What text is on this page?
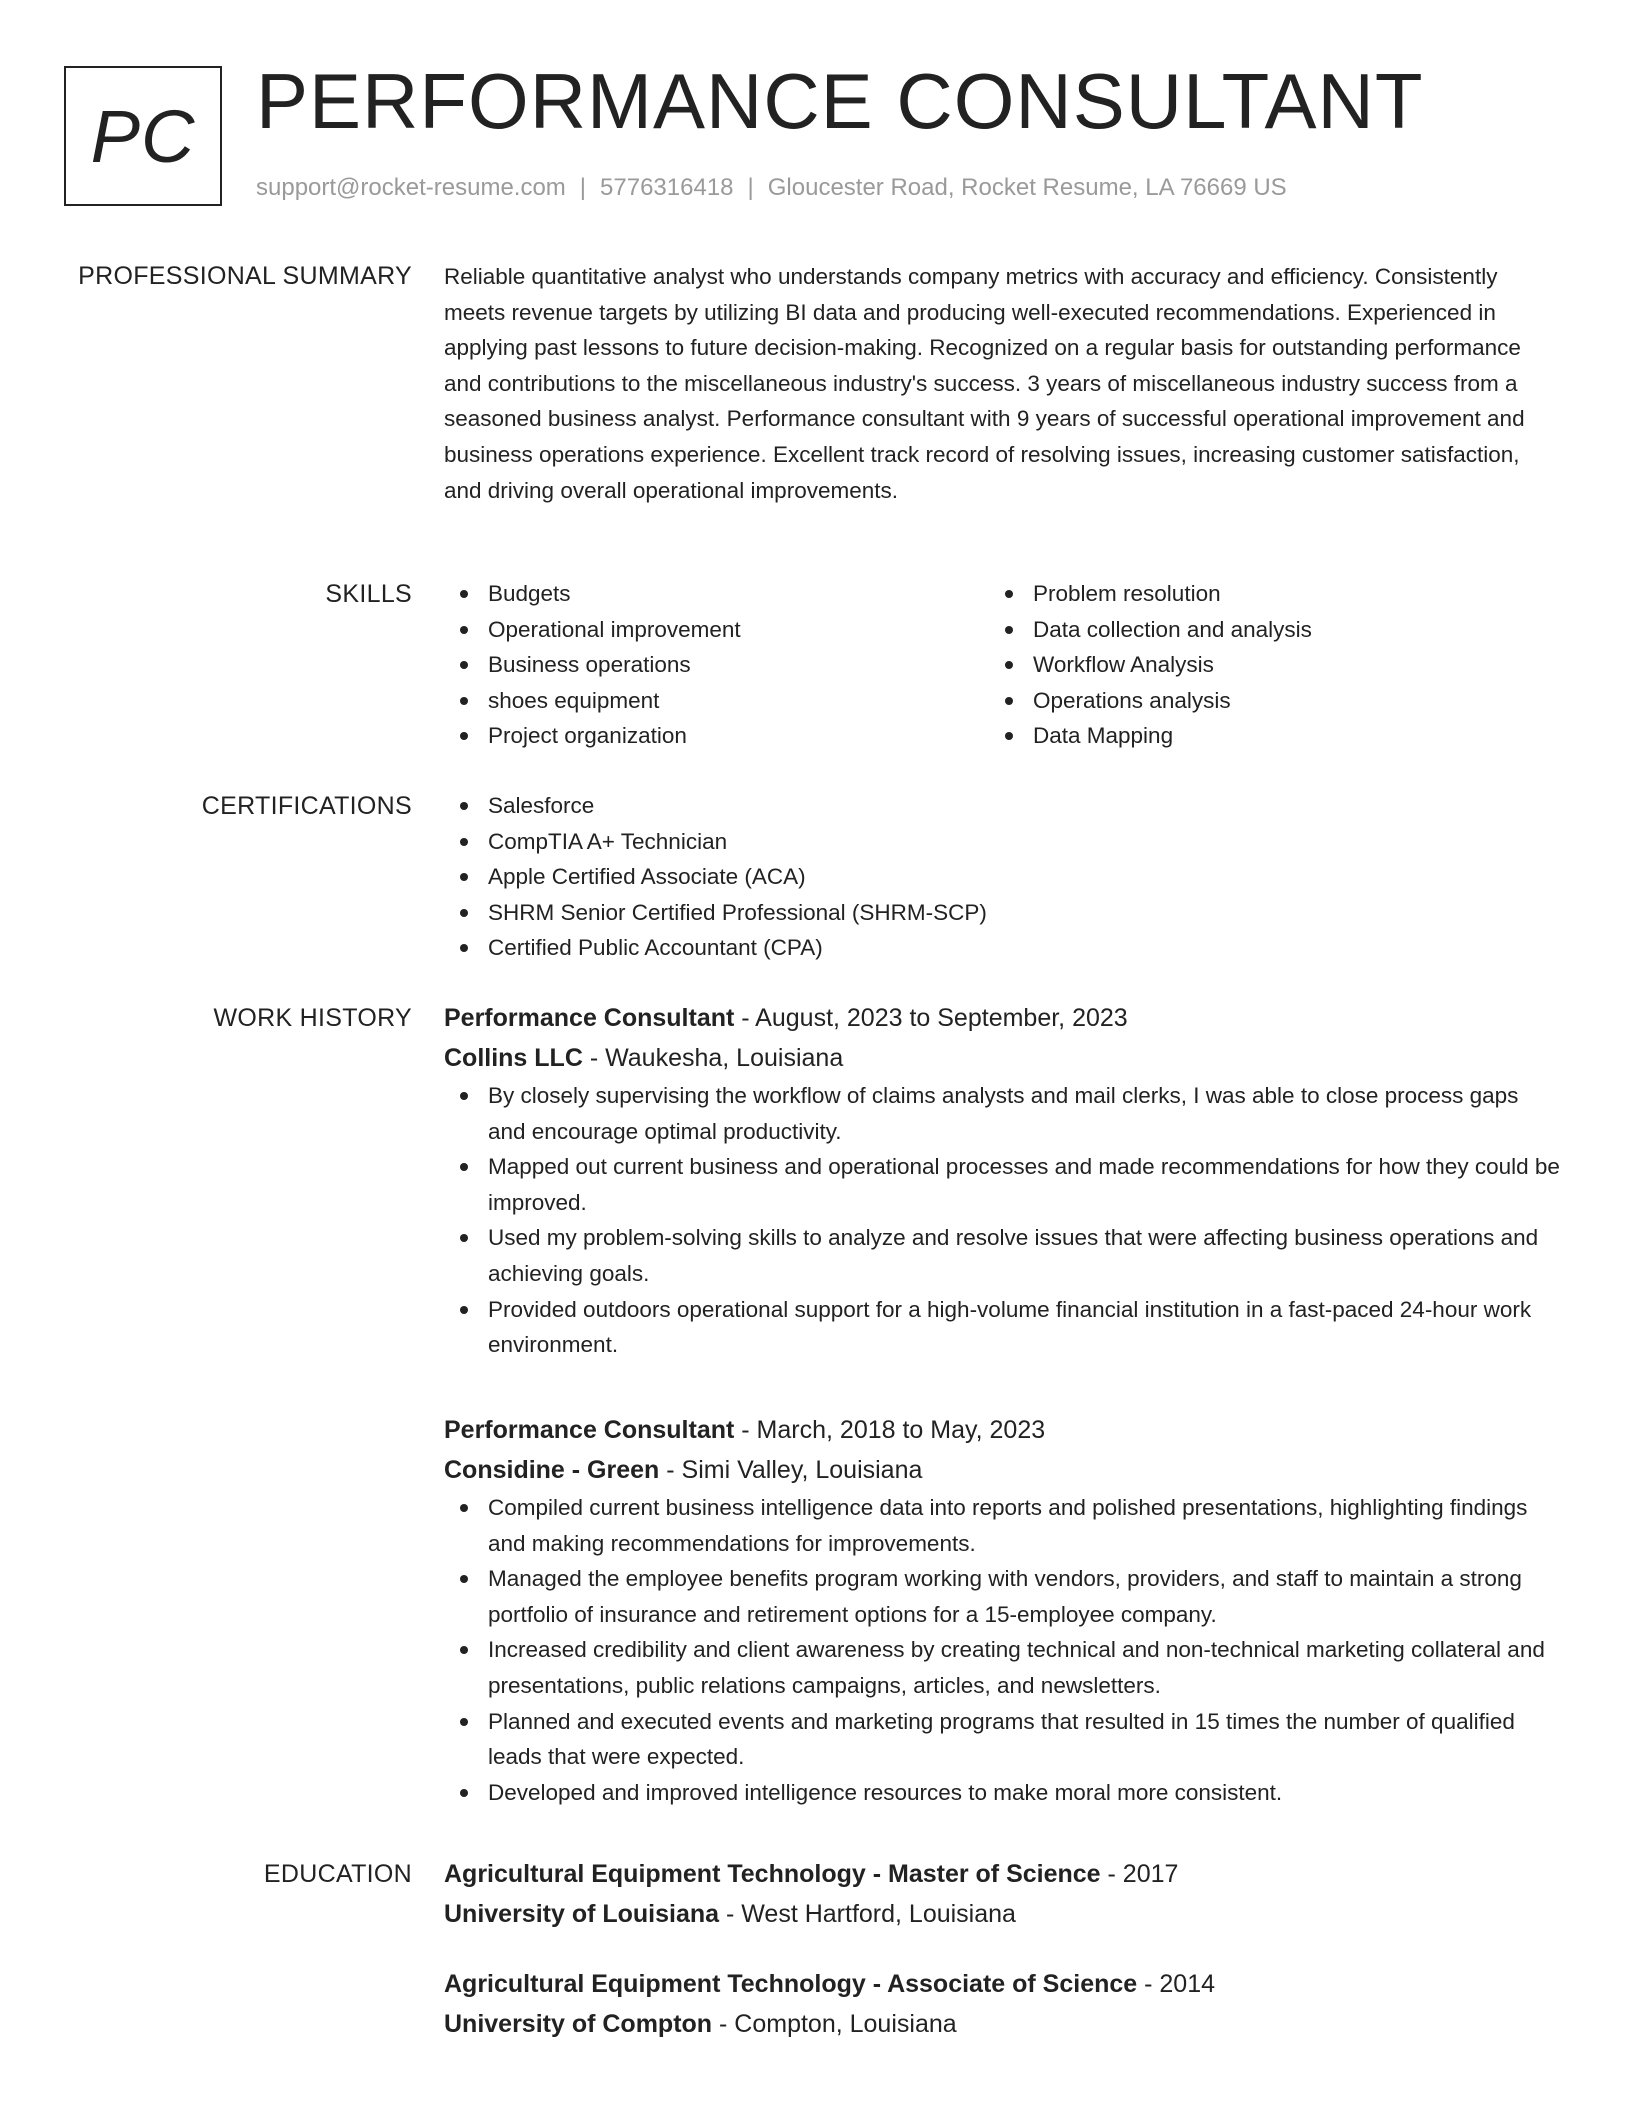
PC PERFORMANCE CONSULTANT
support@rocket-resume.com | 5776316418 | Gloucester Road, Rocket Resume, LA 76669 US
PROFESSIONAL SUMMARY Reliable quantitative analyst who understands company metrics with accuracy and efficiency. Consistently meets revenue targets by utilizing BI data and producing well-executed recommendations. Experienced in applying past lessons to future decision-making. Recognized on a regular basis for outstanding performance and contributions to the miscellaneous industry's success. 3 years of miscellaneous industry success from a seasoned business analyst. Performance consultant with 9 years of successful operational improvement and business operations experience. Excellent track record of resolving issues, increasing customer satisfaction, and driving overall operational improvements.
SKILLS	Budgets
Operational improvement
Business operations
shoes equipment
Project organization
Problem resolution
Data collection and analysis
Workflow Analysis
Operations analysis
Data Mapping
CERTIFICATIONS	Salesforce
CompTIA A+ Technician
Apple Certified Associate (ACA)
SHRM Senior Certified Professional (SHRM-SCP)
Certified Public Accountant (CPA)
WORK HISTORY Performance Consultant - August, 2023 to September, 2023
Collins LLC - Waukesha, Louisiana
By closely supervising the workflow of claims analysts and mail clerks, I was able to close process gaps and encourage optimal productivity.
Mapped out current business and operational processes and made recommendations for how they could be improved.
Used my problem-solving skills to analyze and resolve issues that were affecting business operations and achieving goals.
Provided outdoors operational support for a high-volume financial institution in a fast-paced 24-hour work environment.
Performance Consultant - March, 2018 to May, 2023
Considine - Green - Simi Valley, Louisiana
Compiled current business intelligence data into reports and polished presentations, highlighting findings and making recommendations for improvements.
Managed the employee benefits program working with vendors, providers, and staff to maintain a strong portfolio of insurance and retirement options for a 15-employee company.
Increased credibility and client awareness by creating technical and non-technical marketing collateral and presentations, public relations campaigns, articles, and newsletters.
Planned and executed events and marketing programs that resulted in 15 times the number of qualified leads that were expected.
Developed and improved intelligence resources to make moral more consistent.
EDUCATION Agricultural Equipment Technology - Master of Science - 2017
University of Louisiana - West Hartford, Louisiana
Agricultural Equipment Technology - Associate of Science - 2014
University of Compton - Compton, Louisiana
